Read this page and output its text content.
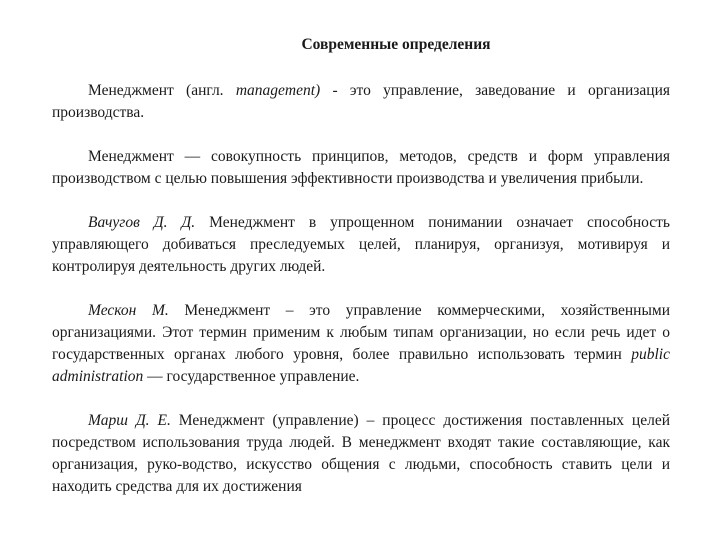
Современные определения

Менеджмент (англ. management) - это управление, заведование и организация производства.

Менеджмент — совокупность принципов, методов, средств и форм управления производством с целью повышения эффективности производства и увеличения прибыли.

Вачугов Д. Д. Менеджмент в упрощенном понимании означает способность управляющего добиваться преследуемых целей, планируя, организуя, мотивируя и контролируя деятельность других людей.

Мескон М. Менеджмент – это управление коммерческими, хозяйственными организациями. Этот термин применим к любым типам организации, но если речь идет о государственных органах любого уровня, более правильно использовать термин public administration — государственное управление.

Марш Д. Е. Менеджмент (управление) – процесс достижения поставленных целей посредством использования труда людей. В менеджмент входят такие составляющие, как организация, руко-водство, искусство общения с людьми, способность ставить цели и находить средства для их достижения
